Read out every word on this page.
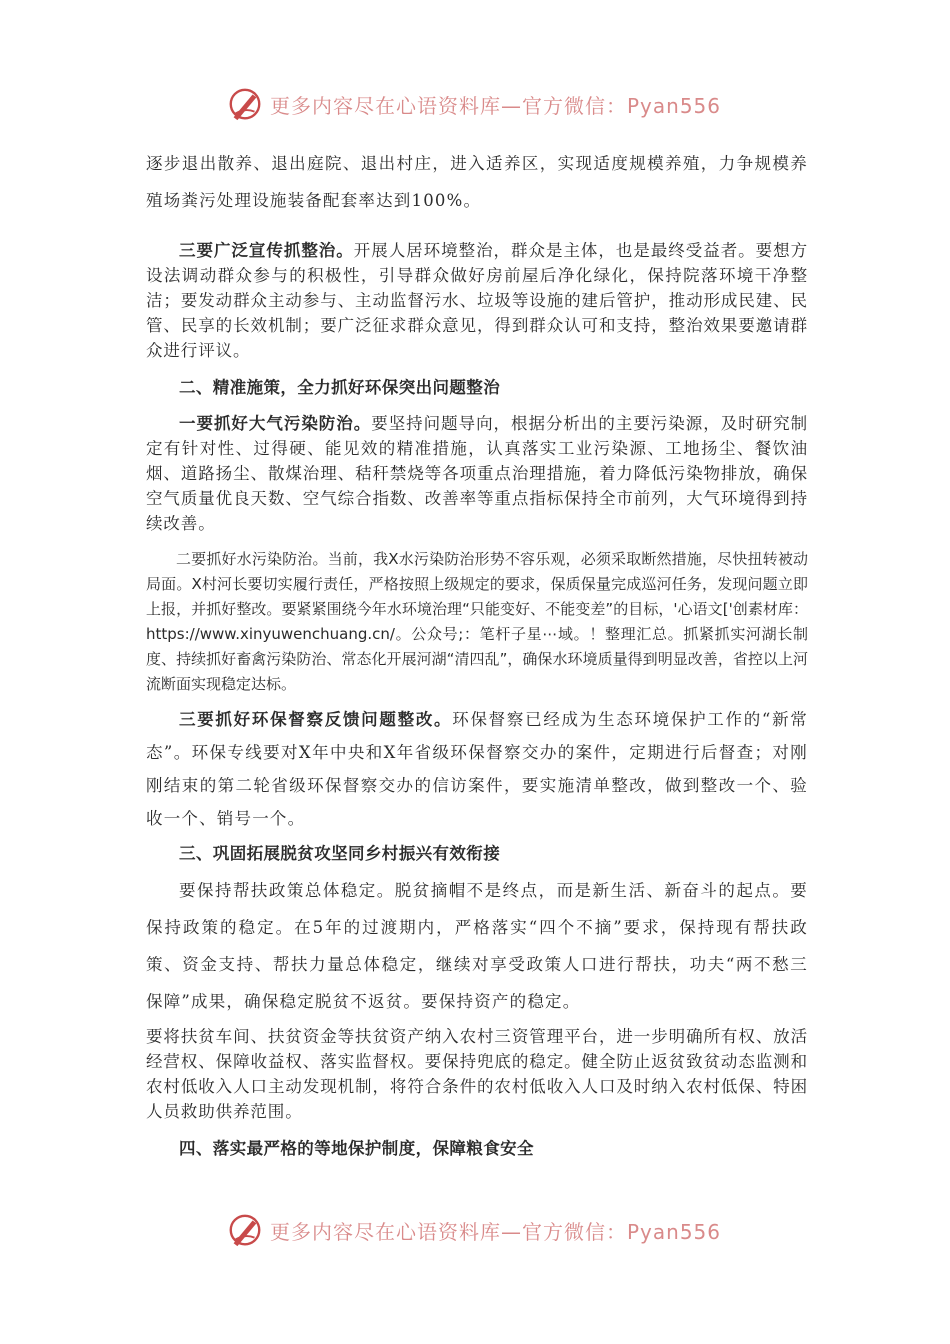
更多内容尽在心语资料库—官方微信：Pyan556

逐步退出散养、退出庭院、退出村庄，进入适养区，实现适度规模养殖，力争规模养殖场粪污处理设施装备配套率达到100%。

三要广泛宣传抓整治。开展人居环境整治，群众是主体，也是最终受益者。要想方设法调动群众参与的积极性，引导群众做好房前屋后净化绿化，保持院落环境干净整洁；要发动群众主动参与、主动监督污水、垃圾等设施的建后管护，推动形成民建、民管、民享的长效机制；要广泛征求群众意见，得到群众认可和支持，整治效果要邀请群众进行评议。

二、精准施策，全力抓好环保突出问题整治

一要抓好大气污染防治。要坚持问题导向，根据分析出的主要污染源，及时研究制定有针对性、过得硬、能见效的精准措施，认真落实工业污染源、工地扬尘、餐饮油烟、道路扬尘、散煤治理、秸秆禁烧等各项重点治理措施，着力降低污染物排放，确保空气质量优良天数、空气综合指数、改善率等重点指标保持全市前列，大气环境得到持续改善。

二要抓好水污染防治。当前，我X水污染防治形势不容乐观，必须采取断然措施，尽快扭转被动局面。X村河长要切实履行责任，严格按照上级规定的要求，保质保量完成巡河任务，发现问题立即上报，并抓好整改。要紧紧围绕今年水环境治理“只能变好、不能变差”的目标，'心语文['创素材库：https://www.xinyuwenchuang.cn/。公众号;：笔杆子星⋯域。！整理汇总。抓紧抓实河湖长制度、持续抓好畜禽污染防治、常态化开展河湖“清四乱”，确保水环境质量得到明显改善，省控以上河流断面实现稳定达标。

三要抓好环保督察反馈问题整改。环保督察已经成为生态环境保护工作的“新常态”。环保专线要对X年中央和X年省级环保督察交办的案件，定期进行后督查；对刚刚结束的第二轮省级环保督察交办的信访案件，要实施清单整改，做到整改一个、验收一个、销号一个。

三、巩固拓展脱贫攻坚同乡村振兴有效衔接

要保持帮扶政策总体稳定。脱贫摘帽不是终点，而是新生活、新奋斗的起点。要保持政策的稳定。在5年的过渡期内，严格落实“四个不摘”要求，保持现有帮扶政策、资金支持、帮扶力量总体稳定，继续对享受政策人口进行帮扶，功夫“两不愁三保障”成果，确保稳定脱贫不返贫。要保持资产的稳定。

要将扶贫车间、扶贫资金等扶贫资产纳入农村三资管理平台，进一步明确所有权、放活经营权、保障收益权、落实监督权。要保持兜底的稳定。健全防止返贫致贫动态监测和农村低收入人口主动发现机制，将符合条件的农村低收入人口及时纳入农村低保、特困人员救助供养范围。

四、落实最严格的等地保护制度，保障粮食安全

更多内容尽在心语资料库—官方微信：Pyan556
